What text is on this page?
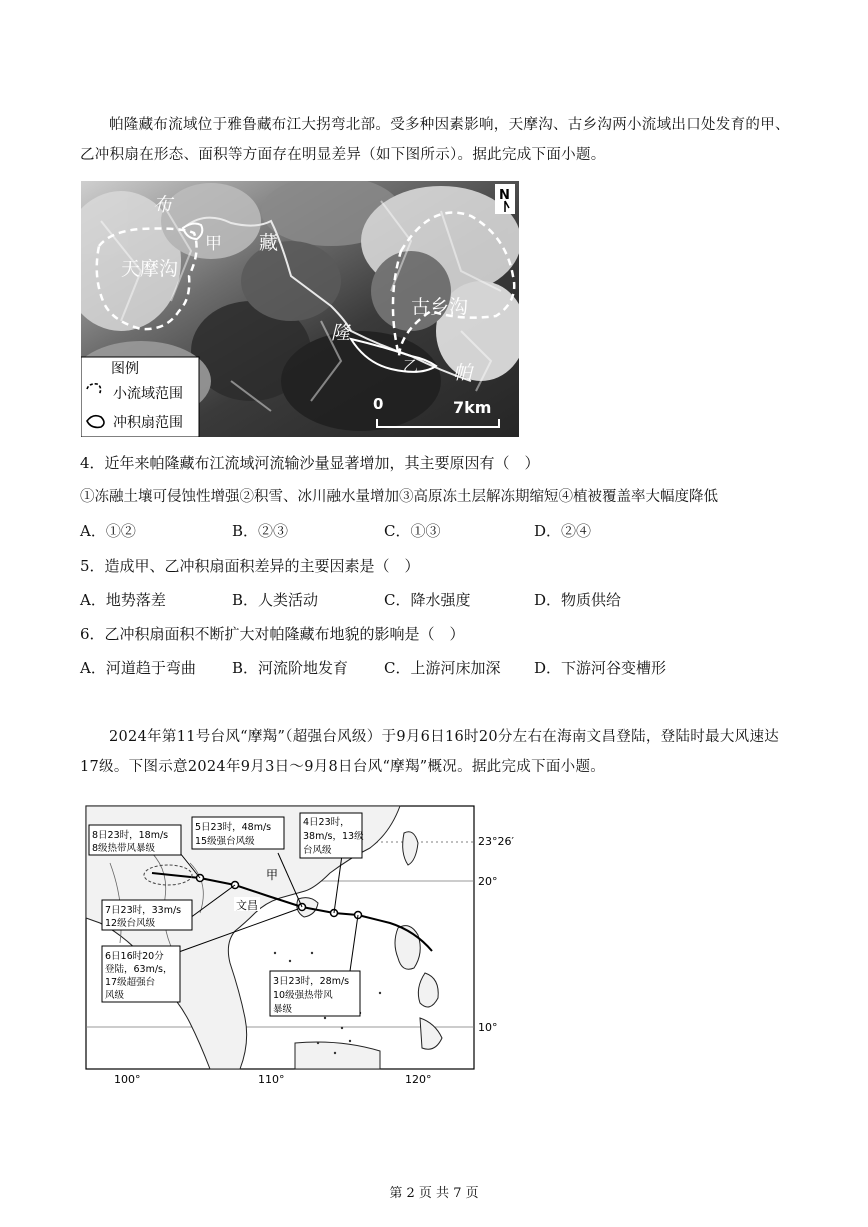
帕隆藏布流域位于雅鲁藏布江大拐弯北部。受多种因素影响，天摩沟、古乡沟两小流域出口处发育的甲、乙冲积扇在形态、面积等方面存在明显差异（如下图所示）。据此完成下面小题。
布
甲
天摩沟
藏
隆
古乡沟
乙 帕
N
0	7km
图例
小流域范围
冲积扇范围
4．近年来帕隆藏布江流域河流输沙量显著增加，其主要原因有（　）
①冻融土壤可侵蚀性增强②积雪、冰川融水量增加③高原冻土层解冻期缩短④植被覆盖率大幅度降低
A．①②	B．②③	C．①③	D．②④
5．造成甲、乙冲积扇面积差异的主要因素是（　）
A．地势落差	B．人类活动	C．降水强度	D．物质供给
6．乙冲积扇面积不断扩大对帕隆藏布地貌的影响是（　）
A．河道趋于弯曲 B．河流阶地发育 C．上游河床加深 D．下游河谷变槽形
2024年第11号台风“摩羯”（超强台风级）于9月6日16时20分左右在海南文昌登陆，登陆时最大风速达17级。下图示意2024年9月3日～9月8日台风“摩羯”概况。据此完成下面小题。
8日23时，18m/s
8级热带风暴级
5日23时，48m/s
15级强台风级
4日23时，
38m/s，13级
台风级
7日23时，33m/s
12级台风级
6日16时20分
登陆，63m/s，
17级超强台
风级
3日23时，28m/s
10级强热带风
暴级
文昌
甲
23°26′
20°
10°
100°	110°	120°
第 2 页 共 7 页
